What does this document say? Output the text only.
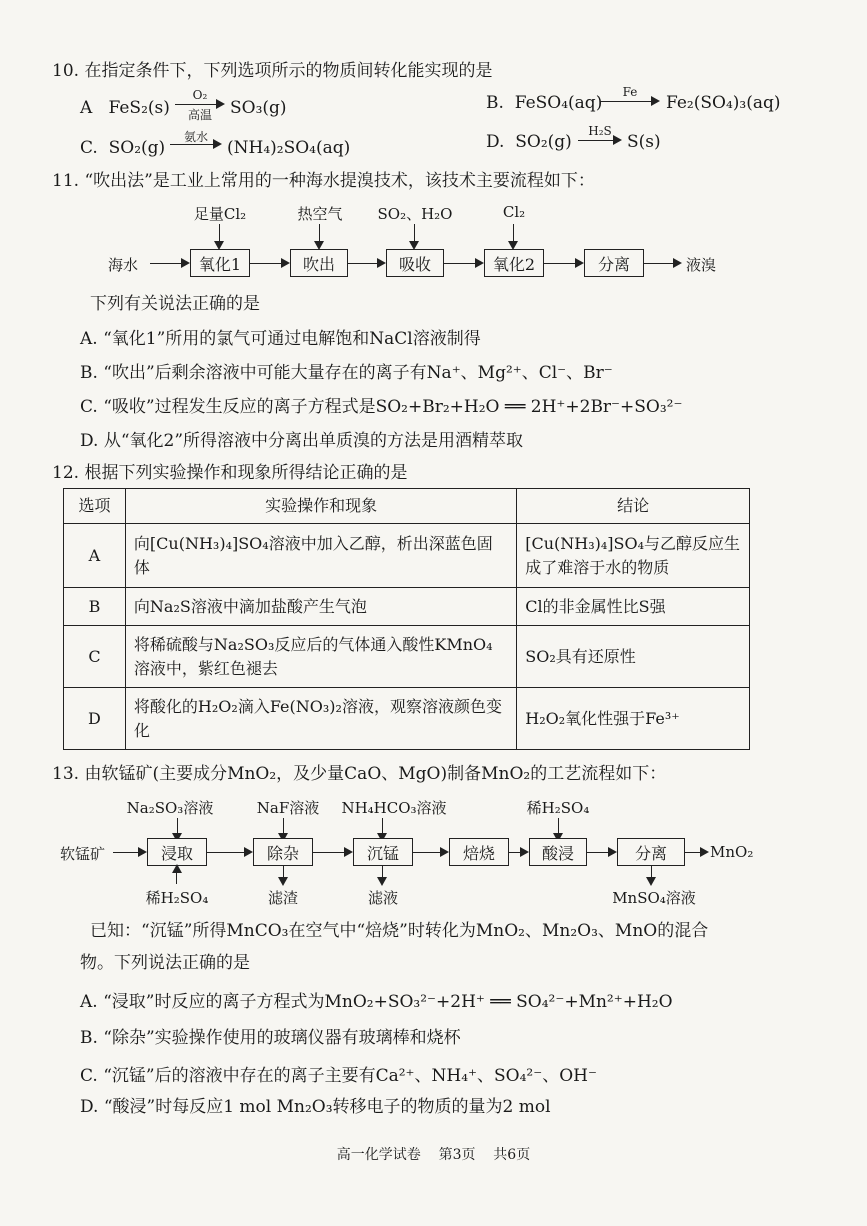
10. 在指定条件下，下列选项所示的物质间转化能实现的是
A FeS₂(s)
O₂
高温	SO₃(g)	B. FeSO₄(aq)
Fe
Fe₂(SO₄)₃(aq)
C. SO₂(g)
氨水
(NH₄)₂SO₄(aq)	D. SO₂(g)
H₂S
S(s)
11. “吹出法”是工业上常用的一种海水提溴技术，该技术主要流程如下：
足量Cl₂	热空气	SO₂、H₂O	Cl₂
海水	氧化1	吹出	吸收	氧化2	分离	液溴
下列有关说法正确的是
A. “氧化1”所用的氯气可通过电解饱和NaCl溶液制得
B. “吹出”后剩余溶液中可能大量存在的离子有Na⁺、Mg²⁺、Cl⁻、Br⁻
C. “吸收”过程发生反应的离子方程式是SO₂+Br₂+H₂O ══ 2H⁺+2Br⁻+SO₃²⁻
D. 从“氧化2”所得溶液中分离出单质溴的方法是用酒精萃取
12. 根据下列实验操作和现象所得结论正确的是
选项	实验操作和现象	结论
A	向[Cu(NH₃)₄]SO₄溶液中加入乙醇，析出深蓝色固体	[Cu(NH₃)₄]SO₄与乙醇反应生成了难溶于水的物质
B	向Na₂S溶液中滴加盐酸产生气泡	Cl的非金属性比S强
C	将稀硫酸与Na₂SO₃反应后的气体通入酸性KMnO₄溶液中，紫红色褪去	SO₂具有还原性
D	将酸化的H₂O₂滴入Fe(NO₃)₂溶液，观察溶液颜色变化	H₂O₂氧化性强于Fe³⁺
13. 由软锰矿(主要成分MnO₂，及少量CaO、MgO)制备MnO₂的工艺流程如下：
Na₂SO₃溶液	NaF溶液	NH₄HCO₃溶液	稀H₂SO₄
软锰矿	浸取	除杂	沉锰	焙烧	酸浸	分离	MnO₂
稀H₂SO₄	滤渣	滤液	MnSO₄溶液
已知：“沉锰”所得MnCO₃在空气中“焙烧”时转化为MnO₂、Mn₂O₃、MnO的混合
物。下列说法正确的是
A. “浸取”时反应的离子方程式为MnO₂+SO₃²⁻+2H⁺ ══ SO₄²⁻+Mn²⁺+H₂O
B. “除杂”实验操作使用的玻璃仪器有玻璃棒和烧杯
C. “沉锰”后的溶液中存在的离子主要有Ca²⁺、NH₄⁺、SO₄²⁻、OH⁻
D. “酸浸”时每反应1 mol Mn₂O₃转移电子的物质的量为2 mol
高一化学试卷    第3页    共6页
